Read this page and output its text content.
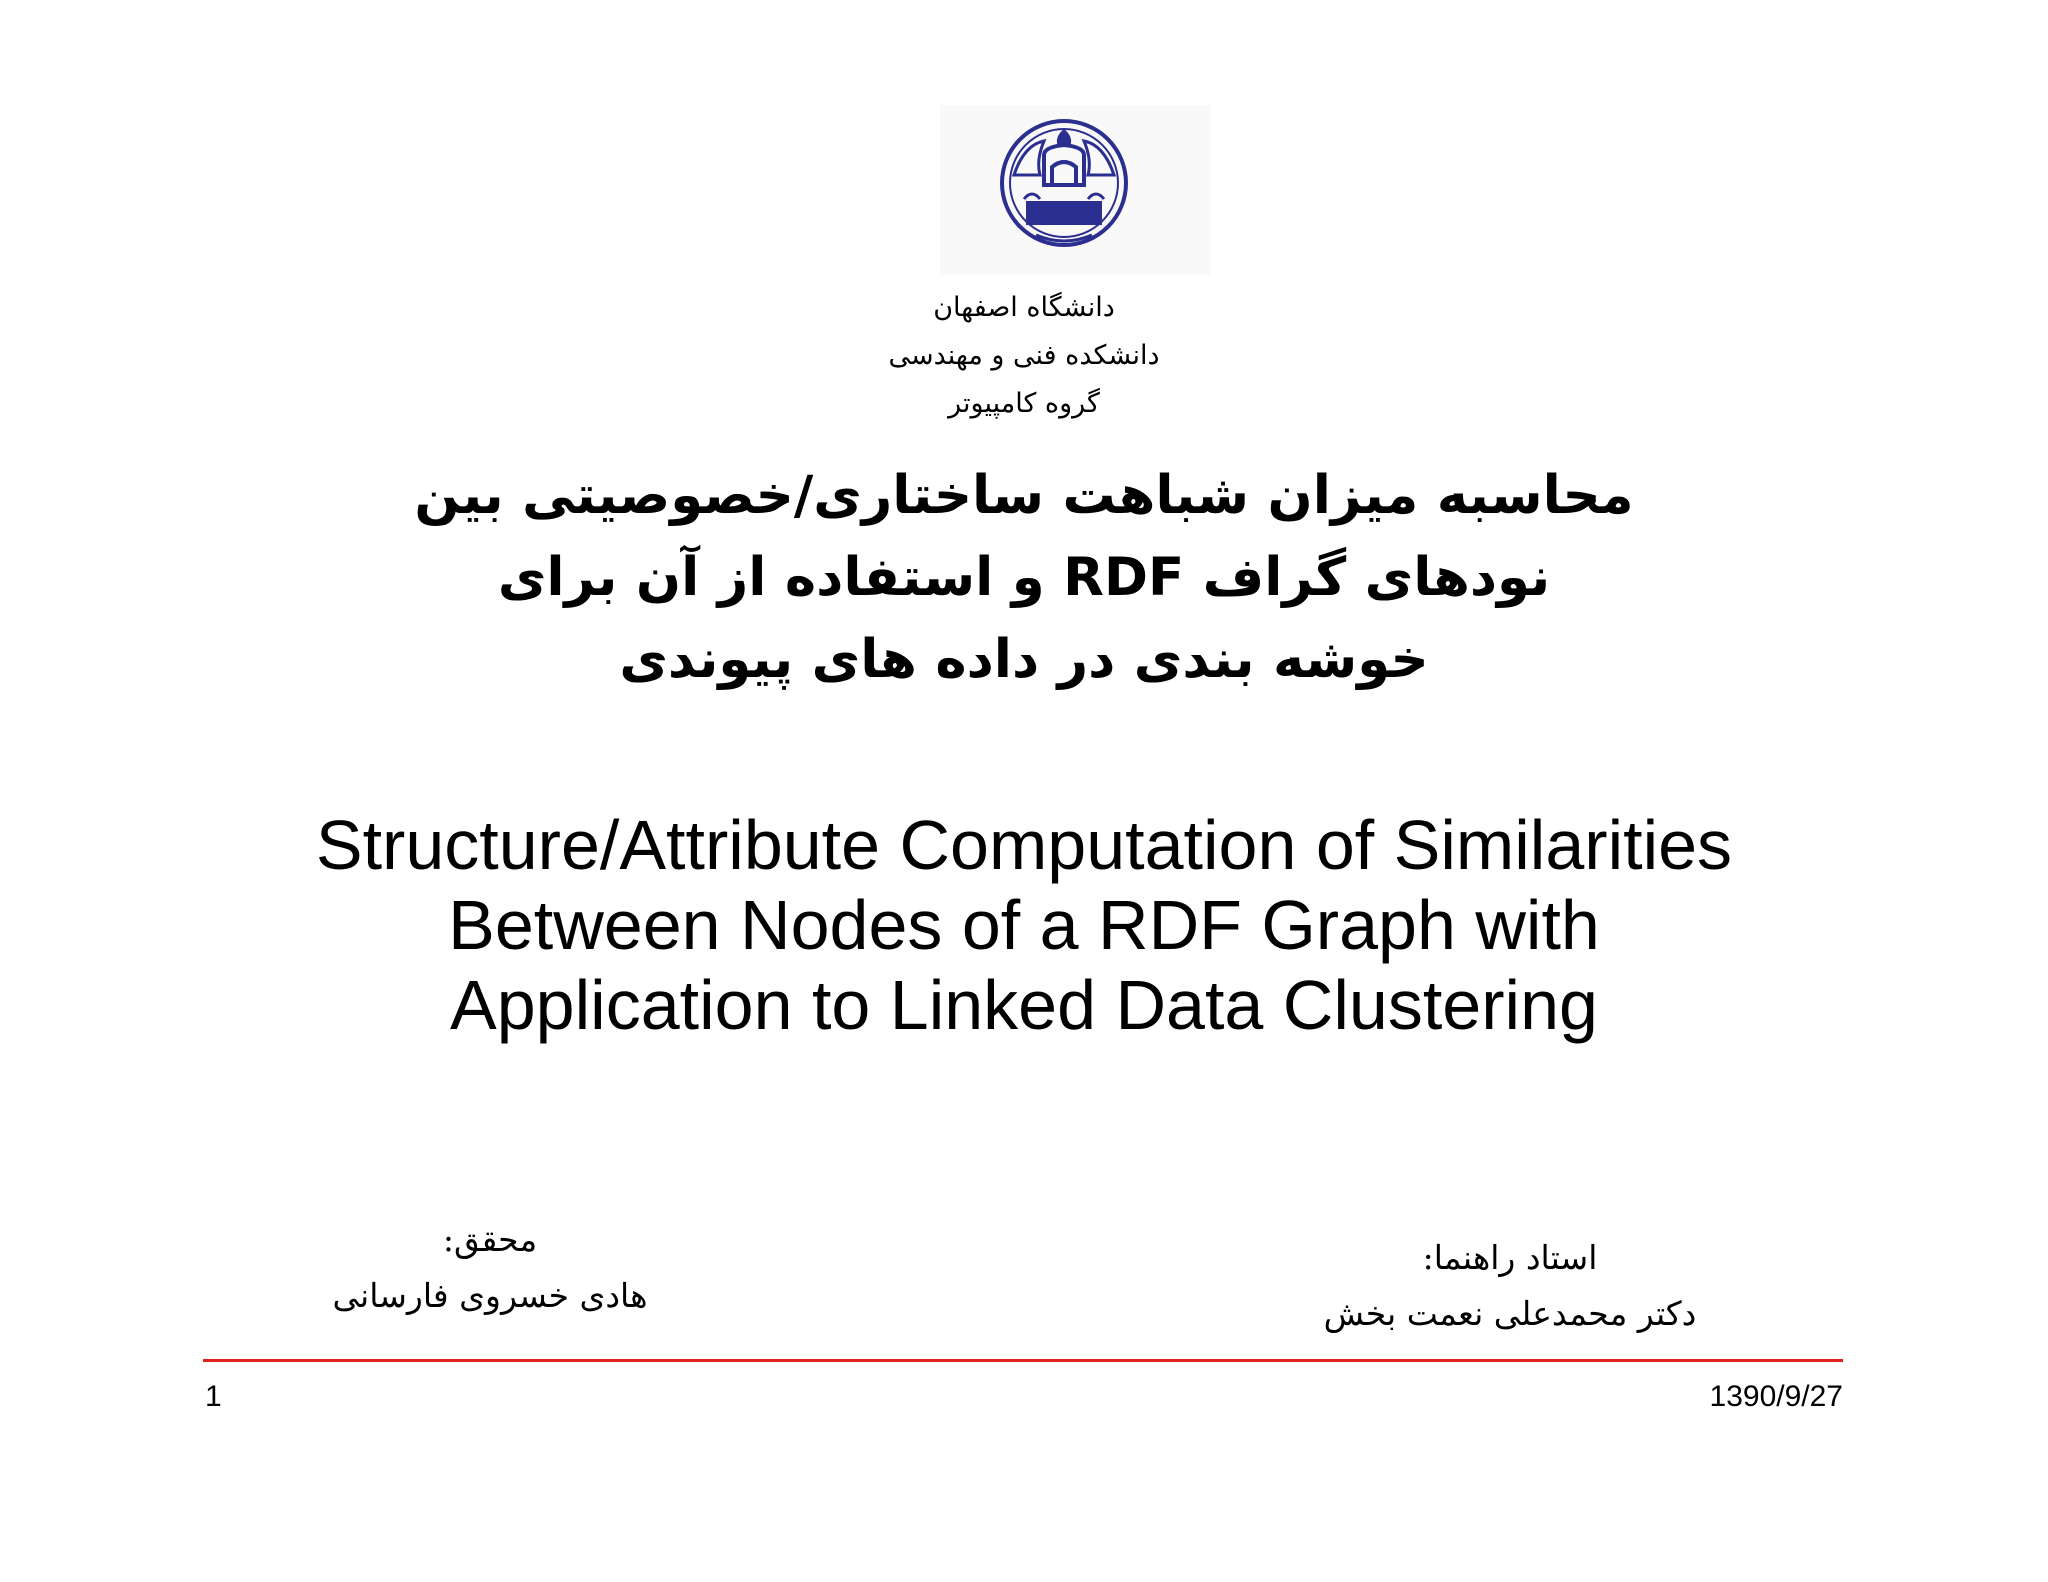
دانشگاه اصفهان
دانشکده فنی و مهندسی
گروه کامپیوتر
محاسبه میزان شباهت ساختاری/خصوصیتی بین
نودهای گراف RDF و استفاده از آن برای
خوشه بندی در داده های پیوندی
Structure/Attribute Computation of Similarities
Between Nodes of a RDF Graph with
Application to Linked Data Clustering
محقق:
هادی خسروی فارسانی
استاد راهنما:
دکتر محمدعلی نعمت بخش
1	1390/9/27
